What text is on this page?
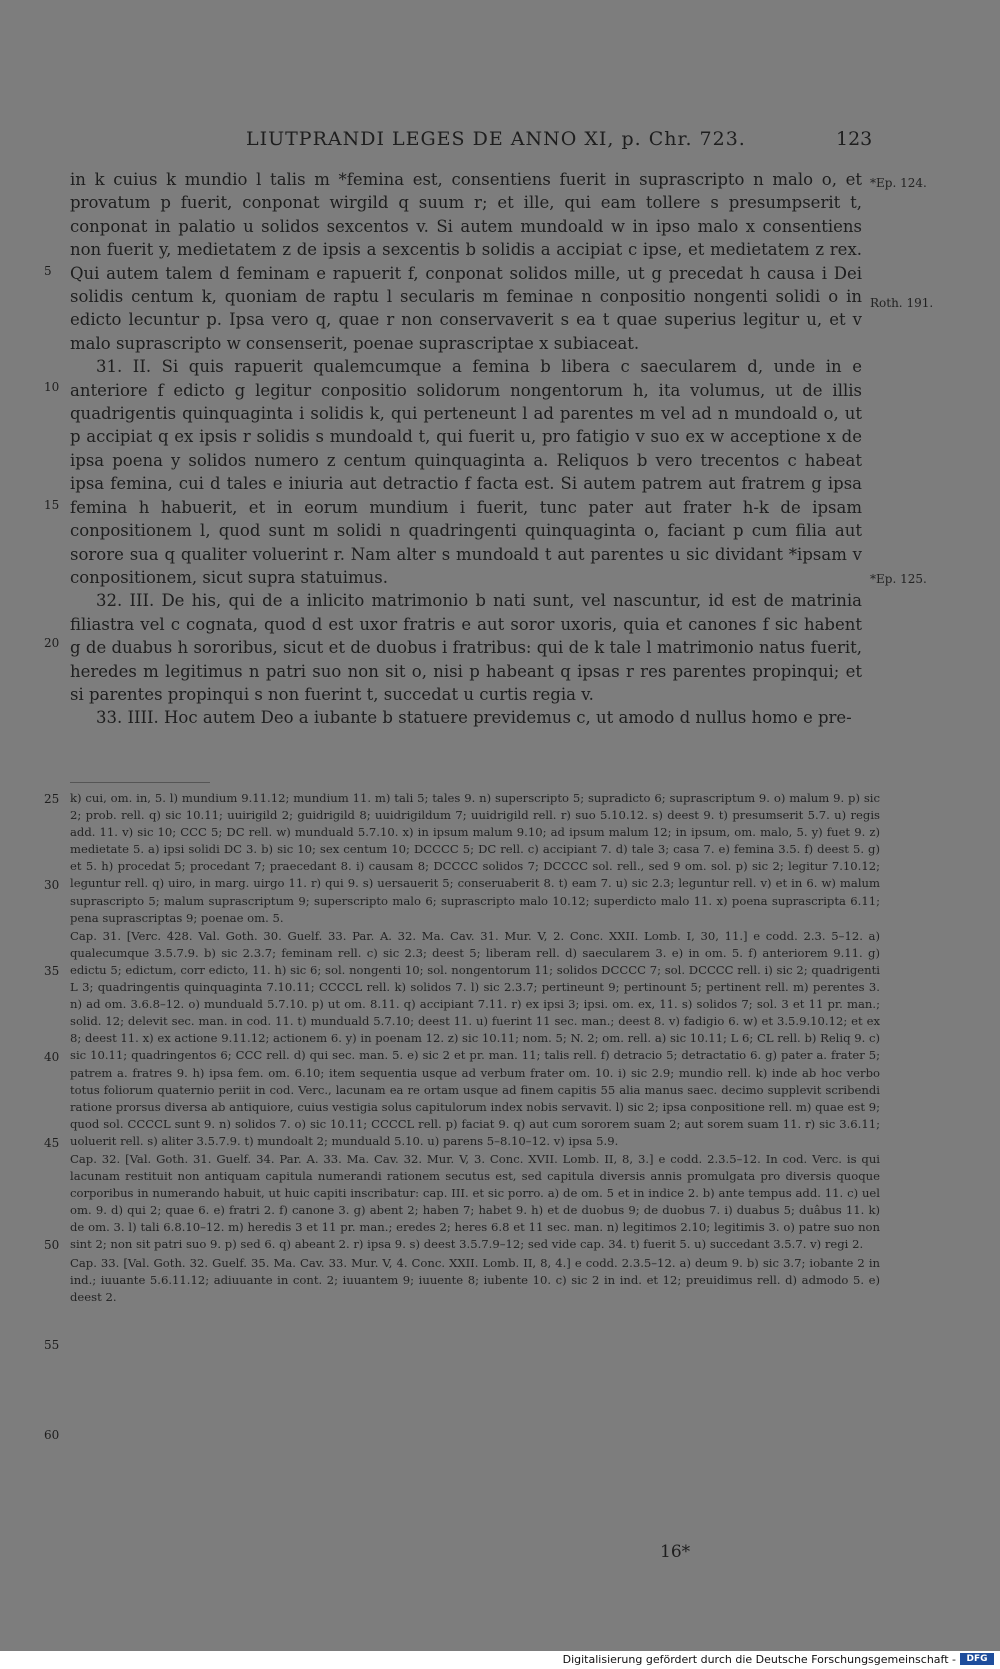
LIUTPRANDI LEGES DE ANNO XI, p. Chr. 723.	123
5
10
15
20
25
30
35
40
45
50
55
60
*Ep. 124.
Roth. 191.
*Ep. 125.

in k cuius k mundio l talis m *femina est, consentiens fuerit in suprascripto n malo o, et provatum p fuerit, conponat wirgild q suum r; et ille, qui eam tollere s presumpserit t, conponat in palatio u solidos sexcentos v. Si autem mundoald w in ipso malo x consentiens non fuerit y, medietatem z de ipsis a sexcentis b solidis a accipiat c ipse, et medietatem z rex. Qui autem talem d feminam e rapuerit f, conponat solidos mille, ut g precedat h causa i Dei solidis centum k, quoniam de raptu l secularis m feminae n conpositio nongenti solidi o in edicto lecuntur p. Ipsa vero q, quae r non conservaverit s ea t quae superius legitur u, et v malo suprascripto w consenserit, poenae suprascriptae x subiaceat.

31. II. Si quis rapuerit qualemcumque a femina b libera c saecularem d, unde in e anteriore f edicto g legitur conpositio solidorum nongentorum h, ita volumus, ut de illis quadrigentis quinquaginta i solidis k, qui perteneunt l ad parentes m vel ad n mundoald o, ut p accipiat q ex ipsis r solidis s mundoald t, qui fuerit u, pro fatigio v suo ex w acceptione x de ipsa poena y solidos numero z centum quinquaginta a. Reliquos b vero trecentos c habeat ipsa femina, cui d tales e iniuria aut detractio f facta est. Si autem patrem aut fratrem g ipsa femina h habuerit, et in eorum mundium i fuerit, tunc pater aut frater h-k de ipsam conpositionem l, quod sunt m solidi n quadringenti quinquaginta o, faciant p cum filia aut sorore sua q qualiter voluerint r. Nam alter s mundoald t aut parentes u sic dividant *ipsam v conpositionem, sicut supra statuimus.

32. III. De his, qui de a inlicito matrimonio b nati sunt, vel nascuntur, id est de matrinia filiastra vel c cognata, quod d est uxor fratris e aut soror uxoris, quia et canones f sic habent g de duabus h sororibus, sicut et de duobus i fratribus: qui de k tale l matrimonio natus fuerit, heredes m legitimus n patri suo non sit o, nisi p habeant q ipsas r res parentes propinqui; et si parentes propinqui s non fuerint t, succedat u curtis regia v.

33. IIII. Hoc autem Deo a iubante b statuere previdemus c, ut amodo d nullus homo e pre-

k) cui, om. in, 5. l) mundium 9.11.12; mundium 11. m) tali 5; tales 9. n) superscripto 5; supradicto 6; suprascriptum 9. o) malum 9. p) sic 2; prob. rell. q) sic 10.11; uuirigild 2; guidrigild 8; uuidrigildum 7; uuidrigild rell. r) suo 5.10.12. s) deest 9. t) presumserit 5.7. u) regis add. 11. v) sic 10; CCC 5; DC rell. w) munduald 5.7.10. x) in ipsum malum 9.10; ad ipsum malum 12; in ipsum, om. malo, 5. y) fuet 9. z) medietate 5. a) ipsi solidi DC 3. b) sic 10; sex centum 10; DCCCC 5; DC rell. c) accipiant 7. d) tale 3; casa 7. e) femina 3.5. f) deest 5. g) et 5. h) procedat 5; procedant 7; praecedant 8. i) causam 8; DCCCC solidos 7; DCCCC sol. rell., sed 9 om. sol. p) sic 2; legitur 7.10.12; leguntur rell. q) uiro, in marg. uirgo 11. r) qui 9. s) uersauerit 5; conseruaberit 8. t) eam 7. u) sic 2.3; leguntur rell. v) et in 6. w) malum suprascripto 5; malum suprascriptum 9; superscripto malo 6; suprascripto malo 10.12; superdicto malo 11. x) poena suprascripta 6.11; pena suprascriptas 9; poenae om. 5.

Cap. 31. [Verc. 428. Val. Goth. 30. Guelf. 33. Par. A. 32. Ma. Cav. 31. Mur. V, 2. Conc. XXII. Lomb. I, 30, 11.] e codd. 2.3. 5–12. a) qualecumque 3.5.7.9. b) sic 2.3.7; feminam rell. c) sic 2.3; deest 5; liberam rell. d) saecularem 3. e) in om. 5. f) anteriorem 9.11. g) edictu 5; edictum, corr edicto, 11. h) sic 6; sol. nongenti 10; sol. nongentorum 11; solidos DCCCC 7; sol. DCCCC rell. i) sic 2; quadrigenti L 3; quadringentis quinquaginta 7.10.11; CCCCL rell. k) solidos 7. l) sic 2.3.7; pertineunt 9; pertinount 5; pertinent rell. m) perentes 3. n) ad om. 3.6.8–12. o) munduald 5.7.10. p) ut om. 8.11. q) accipiant 7.11. r) ex ipsi 3; ipsi. om. ex, 11. s) solidos 7; sol. 3 et 11 pr. man.; solid. 12; delevit sec. man. in cod. 11. t) munduald 5.7.10; deest 11. u) fuerint 11 sec. man.; deest 8. v) fadigio 6. w) et 3.5.9.10.12; et ex 8; deest 11. x) ex actione 9.11.12; actionem 6. y) in poenam 12. z) sic 10.11; nom. 5; N. 2; om. rell. a) sic 10.11; L 6; CL rell. b) Reliq 9. c) sic 10.11; quadringentos 6; CCC rell. d) qui sec. man. 5. e) sic 2 et pr. man. 11; talis rell. f) detracio 5; detractatio 6. g) pater a. frater 5; patrem a. fratres 9. h) ipsa fem. om. 6.10; item sequentia usque ad verbum frater om. 10. i) sic 2.9; mundio rell. k) inde ab hoc verbo totus foliorum quaternio periit in cod. Verc., lacunam ea re ortam usque ad finem capitis 55 alia manus saec. decimo supplevit scribendi ratione prorsus diversa ab antiquiore, cuius vestigia solus capitulorum index nobis servavit. l) sic 2; ipsa conpositione rell. m) quae est 9; quod sol. CCCCL sunt 9. n) solidos 7. o) sic 10.11; CCCCL rell. p) faciat 9. q) aut cum sororem suam 2; aut sorem suam 11. r) sic 3.6.11; uoluerit rell. s) aliter 3.5.7.9. t) mundoalt 2; munduald 5.10. u) parens 5–8.10–12. v) ipsa 5.9.

Cap. 32. [Val. Goth. 31. Guelf. 34. Par. A. 33. Ma. Cav. 32. Mur. V, 3. Conc. XVII. Lomb. II, 8, 3.] e codd. 2.3.5–12. In cod. Verc. is qui lacunam restituit non antiquam capitula numerandi rationem secutus est, sed capitula diversis annis promulgata pro diversis quoque corporibus in numerando habuit, ut huic capiti inscribatur: cap. III. et sic porro. a) de om. 5 et in indice 2. b) ante tempus add. 11. c) uel om. 9. d) qui 2; quae 6. e) fratri 2. f) canone 3. g) abent 2; haben 7; habet 9. h) et de duobus 9; de duobus 7. i) duabus 5; duâbus 11. k) de om. 3. l) tali 6.8.10–12. m) heredis 3 et 11 pr. man.; eredes 2; heres 6.8 et 11 sec. man. n) legitimos 2.10; legitimis 3. o) patre suo non sint 2; non sit patri suo 9. p) sed 6. q) abeant 2. r) ipsa 9. s) deest 3.5.7.9–12; sed vide cap. 34. t) fuerit 5. u) succedant 3.5.7. v) regi 2.

Cap. 33. [Val. Goth. 32. Guelf. 35. Ma. Cav. 33. Mur. V, 4. Conc. XXII. Lomb. II, 8, 4.] e codd. 2.3.5–12. a) deum 9. b) sic 3.7; iobante 2 in ind.; iuuante 5.6.11.12; adiuuante in cont. 2; iuuantem 9; iuuente 8; iubente 10. c) sic 2 in ind. et 12; preuidimus rell. d) admodo 5. e) deest 2.

16*
Digitalisierung gefördert durch die Deutsche Forschungsgemeinschaft -	DFG
